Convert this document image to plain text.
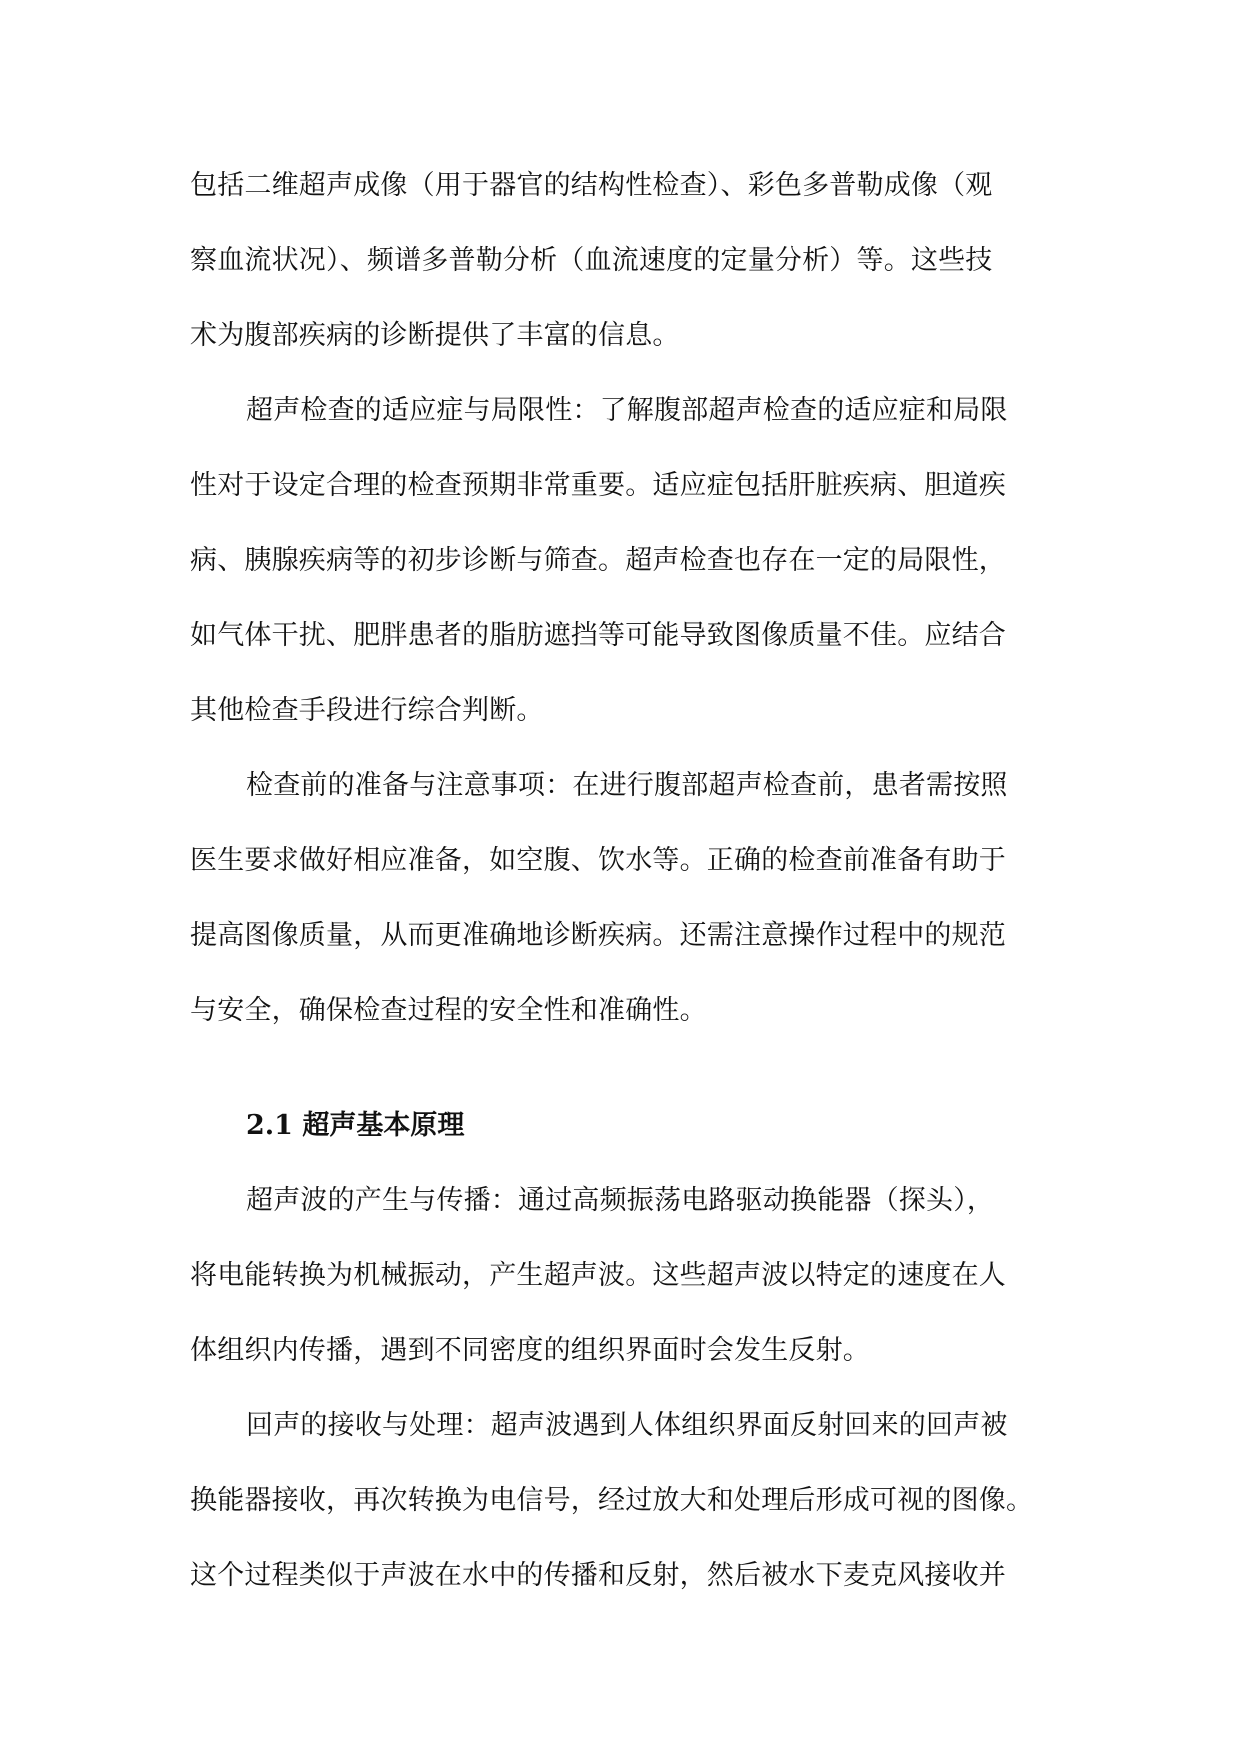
包括二维超声成像（用于器官的结构性检查）、彩色多普勒成像（观
察血流状况）、频谱多普勒分析（血流速度的定量分析）等。这些技
术为腹部疾病的诊断提供了丰富的信息。
超声检查的适应症与局限性：了解腹部超声检查的适应症和局限
性对于设定合理的检查预期非常重要。适应症包括肝脏疾病、胆道疾
病、胰腺疾病等的初步诊断与筛查。超声检查也存在一定的局限性，
如气体干扰、肥胖患者的脂肪遮挡等可能导致图像质量不佳。应结合
其他检查手段进行综合判断。
检查前的准备与注意事项：在进行腹部超声检查前，患者需按照
医生要求做好相应准备，如空腹、饮水等。正确的检查前准备有助于
提高图像质量，从而更准确地诊断疾病。还需注意操作过程中的规范
与安全，确保检查过程的安全性和准确性。
2.1 超声基本原理
超声波的产生与传播：通过高频振荡电路驱动换能器（探头），
将电能转换为机械振动，产生超声波。这些超声波以特定的速度在人
体组织内传播，遇到不同密度的组织界面时会发生反射。
回声的接收与处理：超声波遇到人体组织界面反射回来的回声被
换能器接收，再次转换为电信号，经过放大和处理后形成可视的图像。
这个过程类似于声波在水中的传播和反射，然后被水下麦克风接收并
